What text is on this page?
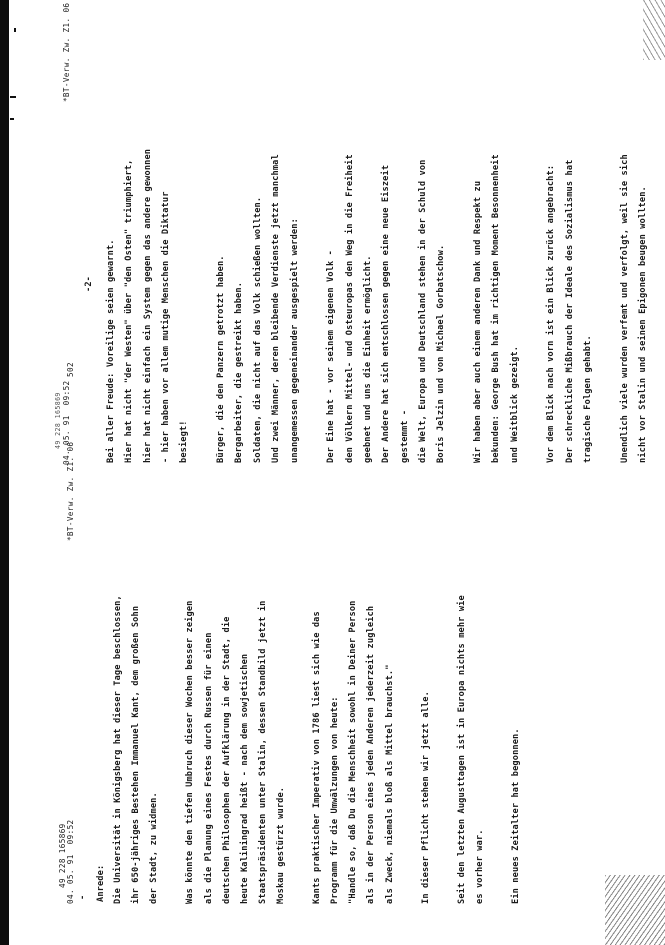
49 228 165869 04. 05. 91  09:52                                                        *BT-Verw. Zw. Z1. 06             502
- Anrede: Die Universität in Königsberg hat dieser Tage beschlossen, ihr 650-jähriges Bestehen Immanuel Kant, dem großen Sohn der Stadt, zu widmen.	Was könnte den tiefen Umbruch dieser Wochen besser zeigen als die Planung eines Festes durch Russen für einen deutschen Philosophen der Aufklärung in der Stadt, die heute Kaliningrad heißt - nach dem sowjetischen Staatspräsidenten unter Stalin, dessen Standbild jetzt in Moskau gestürzt wurde.	Kants praktischer Imperativ von 1786 liest sich wie das Programm für die Umwälzungen von heute: "Handle so, daß Du die Menschheit sowohl in Deiner Person als in der Person eines jeden Anderen jederzeit zugleich als Zweck, niemals bloß als Mittel brauchst."	In dieser Pflicht stehen wir jetzt alle.	Seit den letzten Augusttagen ist in Europa nichts mehr wie es vorher war.	Ein neues Zeitalter hat begonnen.
49 228 165869 04. 05. 91  09:52                                                        *BT-Verw. Zw. Z1. 06
-2- Bei aller Freude: Voreilige seien gewarnt. Hier hat nicht "der Westen" über "den Osten" triumphiert, hier hat nicht einfach ein System gegen das andere gewonnen - hier haben vor allem mutige Menschen die Diktatur besiegt!	Bürger, die den Panzern getrotzt haben. Bergarbeiter, die gestreikt haben. Soldaten, die nicht auf das Volk schießen wollten. Und zwei Männer, deren bleibende Verdienste jetzt manchmal unangemessen gegeneinander ausgespielt werden:	Der Eine hat - vor seinem eigenen Volk - den Völkern Mittel- und Osteuropas den Weg in die Freiheit geebnet und uns die Einheit ermöglicht. Der Andere hat sich entschlossen gegen eine neue Eiszeit gestemmt - die Welt, Europa und Deutschland stehen in der Schuld von Boris Jelzin und von Michael Gorbatschow.	Wir haben aber auch einem anderen Dank und Respekt zu bekunden: George Bush hat im richtigen Moment Besonnenheit und Weitblick gezeigt.	Vor dem Blick nach vorn ist ein Blick zurück angebracht: Der schreckliche Mißbrauch der Ideale des Sozialismus hat tragische Folgen gehabt.	Unendlich viele wurden verfemt und verfolgt, weil sie sich nicht vor Stalin und seinen Epigonen beugen wollten.
